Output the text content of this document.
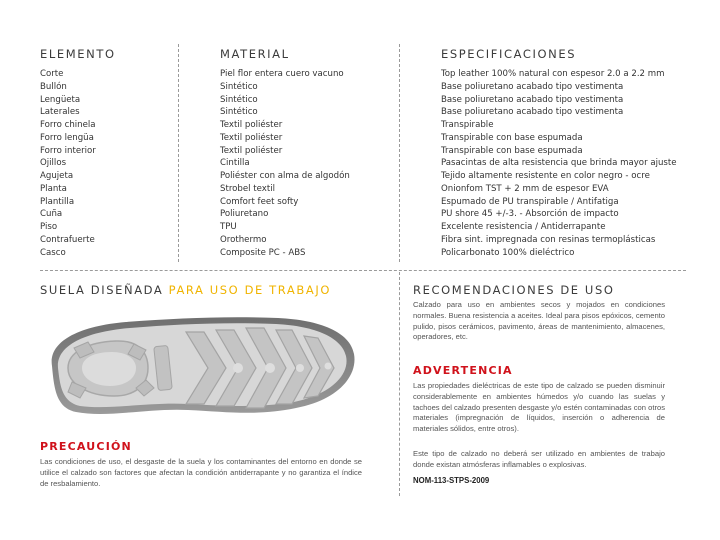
ELEMENTO	MATERIAL	ESPECIFICACIONES
Corte
Bullón
Lengüeta
Laterales
Forro chinela
Forro lengüa
Forro interior
Ojillos
Agujeta
Planta
Plantilla
Cuña
Piso
Contrafuerte
Casco
Piel flor entera cuero vacuno
Sintético
Sintético
Sintético
Textil poliéster
Textil poliéster
Textil poliéster
Cintilla
Poliéster con alma de algodón
Strobel textil
Comfort feet softy
Poliuretano
TPU
Orothermo
Composite PC - ABS
Top leather 100% natural con espesor 2.0 a 2.2 mm
Base poliuretano acabado tipo vestimenta
Base poliuretano acabado tipo vestimenta
Base poliuretano acabado tipo vestimenta
Transpirable
Transpirable con base espumada
Transpirable con base espumada
Pasacintas de alta resistencia que brinda mayor ajuste
Tejido altamente resistente en color negro - ocre
Onionfom TST + 2 mm de espesor EVA
Espumado de PU transpirable / Antifatiga
PU shore 45 +/-3. - Absorción de impacto
Excelente resistencia / Antiderrapante
Fibra sint. impregnada con resinas termoplásticas
Policarbonato 100% dieléctrico
SUELA DISEÑADA PARA USO DE TRABAJO
PRECAUCIÓN
Las condiciones de uso, el desgaste de la suela y los contaminantes del entorno en donde se utilice el calzado son factores que afectan la condición antiderrapante y no garantiza el índice de resbalamiento.
RECOMENDACIONES DE USO
Calzado para uso en ambientes secos y mojados en condiciones normales. Buena resistencia a aceites. Ideal para pisos epóxicos, cemento pulido, pisos cerámicos, pavimento, áreas de mantenimiento, almacenes, operadores, etc.
ADVERTENCIA
Las propiedades dieléctricas de este tipo de calzado se pueden disminuir considerablemente en ambientes húmedos y/o cuando las suelas y tachoes del calzado presenten desgaste y/o estén contaminadas con otros materiales (impregnación de líquidos, inserción o adherencia de materiales sólidos, entre otros).
Este tipo de calzado no deberá ser utilizado en ambientes de trabajo donde existan atmósferas inflamables o explosivas.
NOM-113-STPS-2009
